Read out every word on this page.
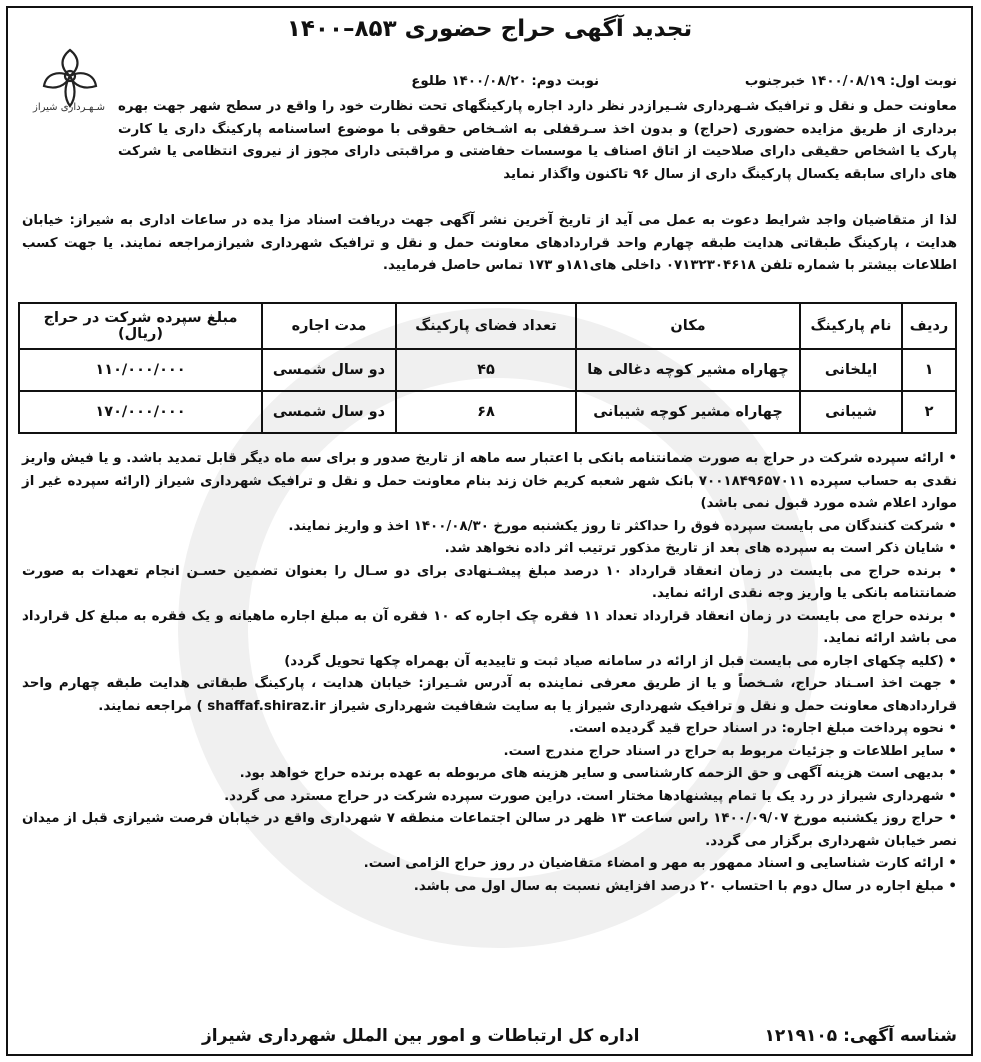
تجدید آگهی حراج حضوری ۸۵۳–۱۴۰۰
شـهـرداری شیراز
نوبت اول: ۱۴۰۰/۰۸/۱۹ خبرجنوب
نوبت دوم: ۱۴۰۰/۰۸/۲۰ طلوع
معاونت حمل و نقل و ترافیک شـهرداری شـیرازدر نظر دارد اجاره پارکینگهای تحت نظارت خود را واقع در سطح شهر جهت بهره برداری از طریق مزایده حضوری (حراج) و بدون اخذ سـرقفلی به اشـخاص حقوقی با موضوع اساسنامه پارکینگ داری یا کارت پارک یا اشخاص حقیقی دارای صلاحیت از اتاق اصناف یا موسسات حفاضتی و مراقبتی دارای مجوز از نیروی انتظامی یا شرکت های دارای سابقه یکسال پارکینگ داری از سال ۹۶ تاکنون واگذار نماید
لذا از متقاضیان واجد شرایط دعوت به عمل می آید از تاریخ آخرین نشر آگهی جهت دریافت اسناد مزا یده در ساعات اداری به شیراز: خیابان هدایت ، پارکینگ طبقاتی هدایت طبقه چهارم واحد قراردادهای معاونت حمل و نقل و ترافیک شهرداری شیرازمراجعه نمایند. یا جهت کسب اطلاعات بیشتر با شماره تلفن ۰۷۱۳۲۳۰۴۶۱۸ داخلی های۱۸۱و ۱۷۳ تماس حاصل فرمایید.
ردیف	نام پارکینگ	مکان	تعداد فضای پارکینگ	مدت اجاره	مبلغ سپرده شرکت در حراج (ریال)
۱	ایلخانی	چهاراه مشیر کوچه دغالی ها	۴۵	دو سال شمسی	۱۱۰/۰۰۰/۰۰۰
۲	شیبانی	چهاراه مشیر کوچه شیبانی	۶۸	دو سال شمسی	۱۷۰/۰۰۰/۰۰۰
• ارائه سپرده شرکت در حراج به صورت ضمانتنامه بانکی با اعتبار سه ماهه از تاریخ صدور و برای سه ماه دیگر قابل تمدید باشد. و یا فیش واریز نقدی به حساب سپرده ۷۰۰۱۸۴۹۶۵۷۰۱۱ بانک شهر شعبه کریم خان زند بنام معاونت حمل و نقل و ترافیک شهرداری شیراز (ارائه سپرده غیر از موارد اعلام شده مورد قبول نمی باشد)
• شرکت کنندگان می بایست سپرده فوق را حداکثر تا روز یکشنبه مورخ ۱۴۰۰/۰۸/۳۰ اخذ و واریز نمایند.
• شایان ذکر است به سپرده های بعد از تاریخ مذکور ترتیب اثر داده نخواهد شد.
• برنده حراج می بایست در زمان انعقاد قرارداد ۱۰ درصد مبلغ پیشـنهادی برای دو سـال را بعنوان تضمین حسـن انجام تعهدات به صورت ضمانتنامه بانکی یا واریز وجه نقدی ارائه نماید.
• برنده حراج می بایست در زمان انعقاد قرارداد تعداد ۱۱ فقره چک اجاره که ۱۰ فقره آن به مبلغ اجاره ماهیانه و یک فقره به مبلغ کل قرارداد می باشد ارائه نماید.
• (کلیه چکهای اجاره می بایست قبل از ارائه در سامانه صیاد ثبت و تاییدیه آن بهمراه چکها تحویل گردد)
• جهت اخذ اسـناد حراج، شـخصاً و یا از طریق معرفی نماینده به آدرس شـیراز: خیابان هدایت ، پارکینگ طبقاتی هدایت طبقه چهارم واحد قراردادهای معاونت حمل و نقل و ترافیک شهرداری شیراز یا به سایت شفافیت شهرداری شیراز shaffaf.shiraz.ir ) مراجعه نمایند.
• نحوه پرداخت مبلغ اجاره: در اسناد حراج قید گردیده است.
• سایر اطلاعات و جزئیات مربوط به حراج در اسناد حراج مندرج است.
• بدیهی است هزینه آگهی و حق الزحمه کارشناسی و سایر هزینه های مربوطه به عهده برنده حراج خواهد بود.
• شهرداری شیراز در رد یک یا تمام پیشنهادها مختار است. دراین صورت سپرده شرکت در حراج مسترد می گردد.
• حراج روز یکشنبه مورخ ۱۴۰۰/۰۹/۰۷ راس ساعت ۱۳ ظهر در سالن اجتماعات منطقه ۷ شهرداری واقع در خیابان فرصت شیرازی قبل از میدان نصر خیابان شهرداری برگزار می گردد.
• ارائه کارت شناسایی و اسناد ممهور به مهر و امضاء متقاضیان در روز حراج الزامی است.
• مبلغ اجاره در سال دوم با احتساب ۲۰ درصد افزایش نسبت به سال اول می باشد.
شناسه آگهی: ۱۲۱۹۱۰۵
اداره کل ارتباطات و امور بین الملل شهرداری شیراز
